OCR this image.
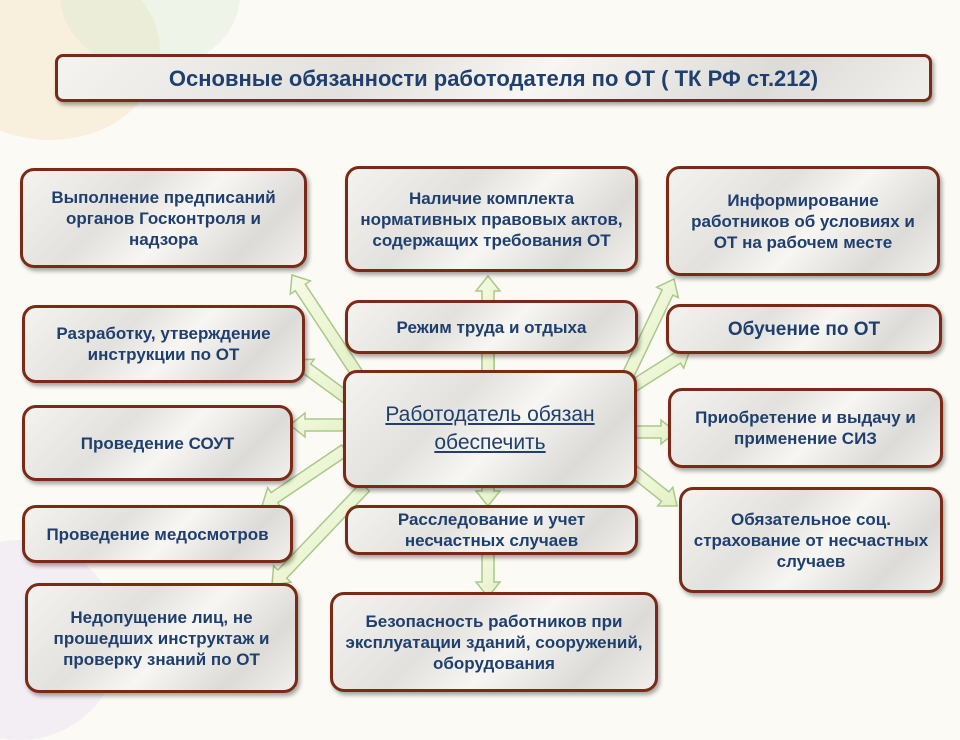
Основные обязанности работодателя по ОТ ( ТК РФ ст.212)
Выполнение предписаний органов Госконтроля и надзора
Наличие комплекта нормативных правовых актов, содержащих требования ОТ
Информирование работников об условиях и ОТ на рабочем месте
Разработку, утверждение инструкции по ОТ
Режим труда и отдыха	Обучение по ОТ
Работодатель обязан обеспечить
Проведение СОУТ
Приобретение и выдачу и применение СИЗ
Проведение медосмотров
Расследование и учет несчастных случаев
Обязательное соц. страхование от несчастных случаев
Недопущение лиц, не прошедших инструктаж и проверку знаний по ОТ
Безопасность работников при эксплуатации зданий, сооружений, оборудования
